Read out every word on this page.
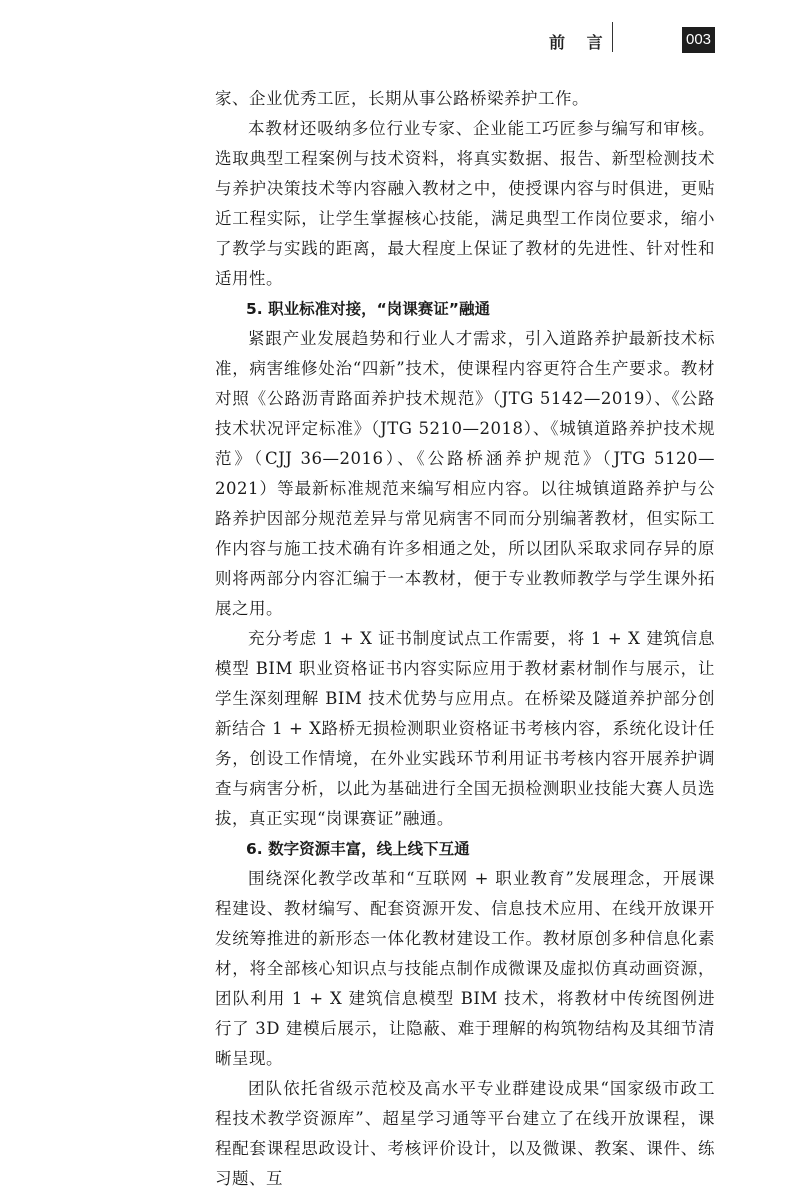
前 言	003

家、企业优秀工匠，长期从事公路桥梁养护工作。

本教材还吸纳多位行业专家、企业能工巧匠参与编写和审核。选取典型工程案例与技术资料，将真实数据、报告、新型检测技术与养护决策技术等内容融入教材之中，使授课内容与时俱进，更贴近工程实际，让学生掌握核心技能，满足典型工作岗位要求，缩小了教学与实践的距离，最大程度上保证了教材的先进性、针对性和适用性。

5. 职业标准对接，“岗课赛证”融通

紧跟产业发展趋势和行业人才需求，引入道路养护最新技术标准，病害维修处治“四新”技术，使课程内容更符合生产要求。教材对照《公路沥青路面养护技术规范》（JTG 5142—2019）、《公路技术状况评定标准》（JTG 5210—2018）、《城镇道路养护技术规范》（CJJ 36—2016）、《公路桥涵养护规范》（JTG 5120—2021）等最新标准规范来编写相应内容。以往城镇道路养护与公路养护因部分规范差异与常见病害不同而分别编著教材，但实际工作内容与施工技术确有许多相通之处，所以团队采取求同存异的原则将两部分内容汇编于一本教材，便于专业教师教学与学生课外拓展之用。

充分考虑 1 + X 证书制度试点工作需要，将 1 + X 建筑信息模型 BIM 职业资格证书内容实际应用于教材素材制作与展示，让学生深刻理解 BIM 技术优势与应用点。在桥梁及隧道养护部分创新结合 1 + X路桥无损检测职业资格证书考核内容，系统化设计任务，创设工作情境，在外业实践环节利用证书考核内容开展养护调查与病害分析，以此为基础进行全国无损检测职业技能大赛人员选拔，真正实现“岗课赛证”融通。

6. 数字资源丰富，线上线下互通

围绕深化教学改革和“互联网 + 职业教育”发展理念，开展课程建设、教材编写、配套资源开发、信息技术应用、在线开放课开发统筹推进的新形态一体化教材建设工作。教材原创多种信息化素材，将全部核心知识点与技能点制作成微课及虚拟仿真动画资源，团队利用 1 + X 建筑信息模型 BIM 技术，将教材中传统图例进行了 3D 建模后展示，让隐蔽、难于理解的构筑物结构及其细节清晰呈现。

团队依托省级示范校及高水平专业群建设成果“国家级市政工程技术教学资源库”、超星学习通等平台建立了在线开放课程，课程配套课程思政设计、考核评价设计，以及微课、教案、课件、练习题、互
